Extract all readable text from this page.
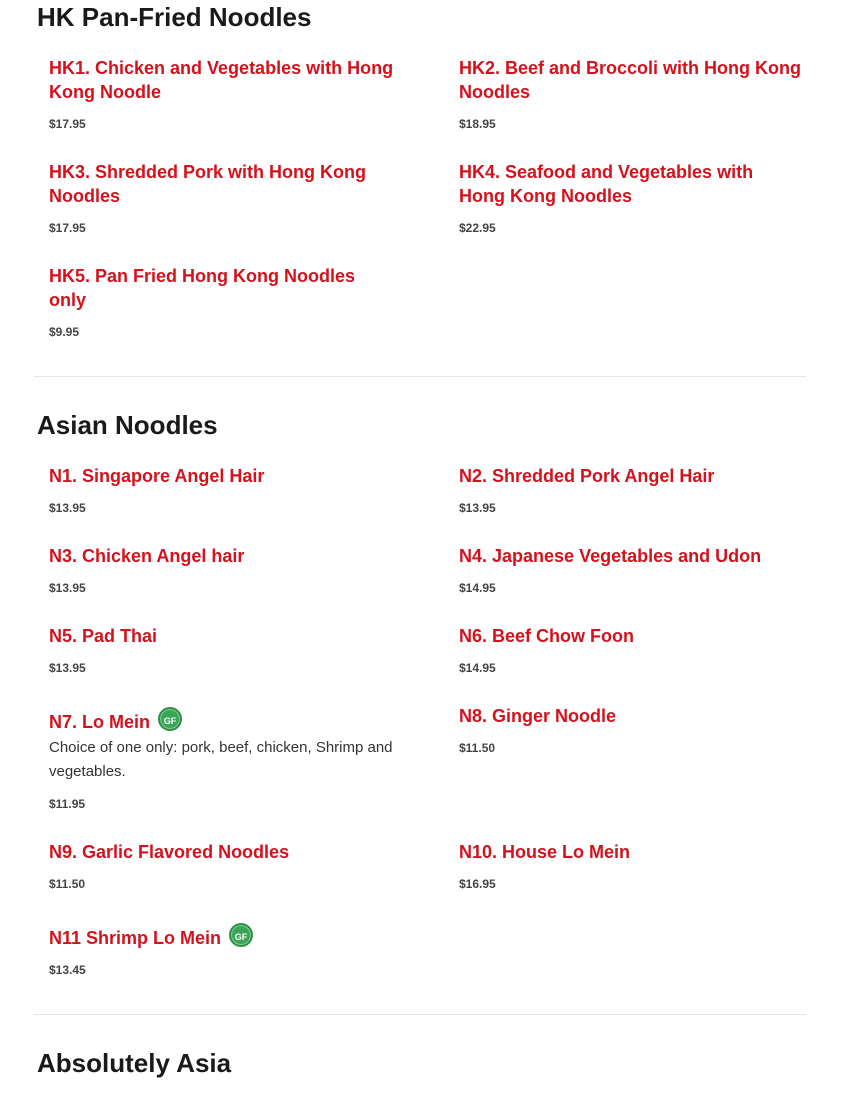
HK Pan-Fried Noodles
HK1. Chicken and Vegetables with Hong Kong Noodle
$17.95
HK2. Beef and Broccoli with Hong Kong Noodles
$18.95
HK3. Shredded Pork with Hong Kong Noodles
$17.95
HK4. Seafood and Vegetables with Hong Kong Noodles
$22.95
HK5. Pan Fried Hong Kong Noodles only
$9.95
Asian Noodles
N1. Singapore Angel Hair
$13.95
N2. Shredded Pork Angel Hair
$13.95
N3. Chicken Angel hair
$13.95
N4. Japanese Vegetables and Udon
$14.95
N5. Pad Thai
$13.95
N6. Beef Chow Foon
$14.95
N7. Lo Mein GF
Choice of one only: pork, beef, chicken, Shrimp and vegetables.
$11.95
N8. Ginger Noodle
$11.50
N9. Garlic Flavored Noodles
$11.50
N10. House Lo Mein
$16.95
N11 Shrimp Lo Mein GF
$13.45
Absolutely Asia
